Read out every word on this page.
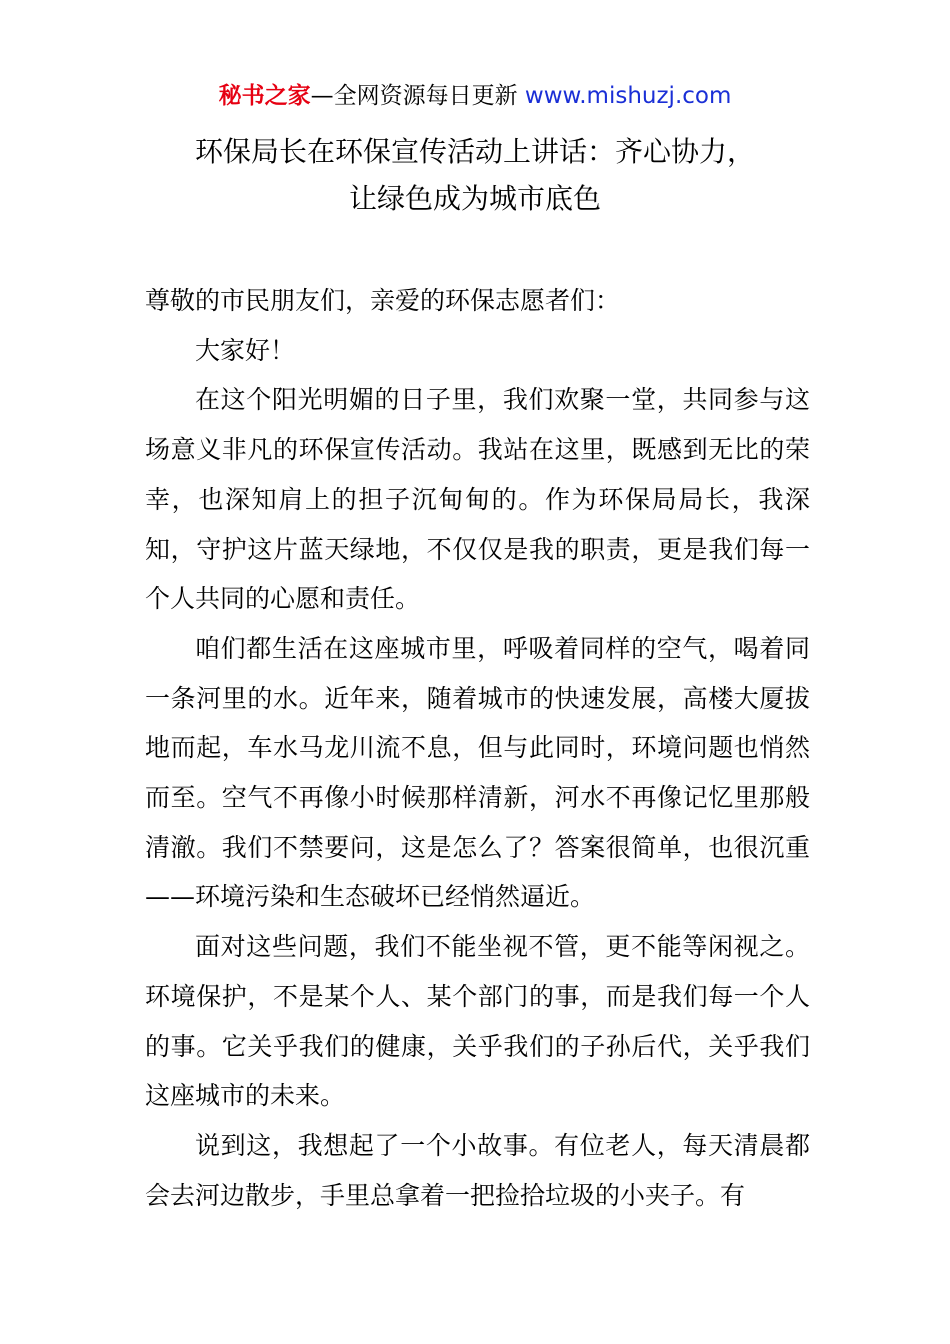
秘书之家—全网资源每日更新 www.mishuzj.com
环保局长在环保宣传活动上讲话：齐心协力，
让绿色成为城市底色

尊敬的市民朋友们，亲爱的环保志愿者们：

大家好！

在这个阳光明媚的日子里，我们欢聚一堂，共同参与这场意义非凡的环保宣传活动。我站在这里，既感到无比的荣幸，也深知肩上的担子沉甸甸的。作为环保局局长，我深知，守护这片蓝天绿地，不仅仅是我的职责，更是我们每一个人共同的心愿和责任。

咱们都生活在这座城市里，呼吸着同样的空气，喝着同一条河里的水。近年来，随着城市的快速发展，高楼大厦拔地而起，车水马龙川流不息，但与此同时，环境问题也悄然而至。空气不再像小时候那样清新，河水不再像记忆里那般清澈。我们不禁要问，这是怎么了？答案很简单，也很沉重——环境污染和生态破坏已经悄然逼近。

面对这些问题，我们不能坐视不管，更不能等闲视之。环境保护，不是某个人、某个部门的事，而是我们每一个人的事。它关乎我们的健康，关乎我们的子孙后代，关乎我们这座城市的未来。

说到这，我想起了一个小故事。有位老人，每天清晨都会去河边散步，手里总拿着一把捡拾垃圾的小夹子。有
